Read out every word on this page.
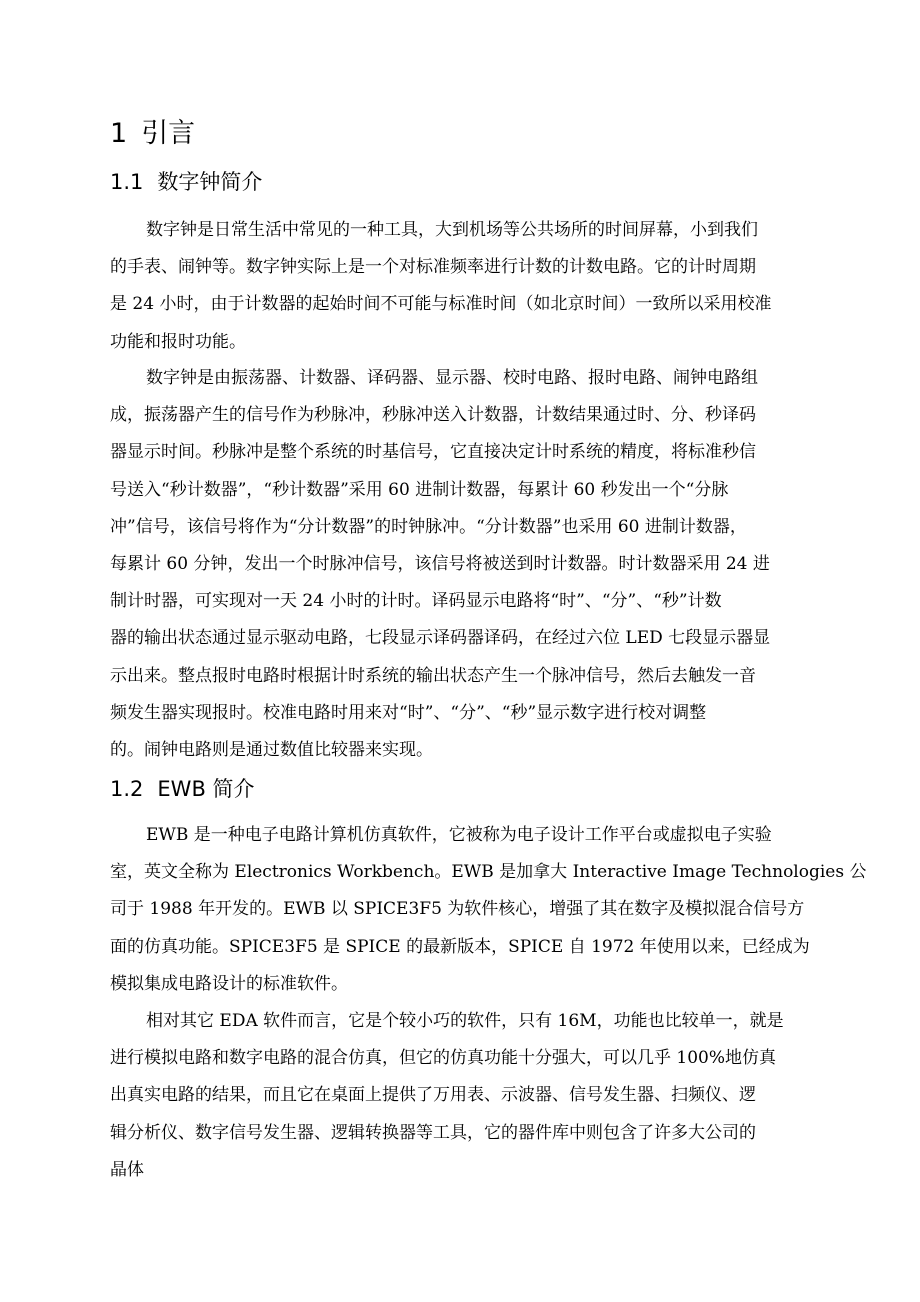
1 引言
1.1 数字钟简介

数字钟是日常生活中常见的一种工具，大到机场等公共场所的时间屏幕，小到我们
的手表、闹钟等。数字钟实际上是一个对标准频率进行计数的计数电路。它的计时周期
是 24 小时，由于计数器的起始时间不可能与标准时间（如北京时间）一致所以采用校准
功能和报时功能。

数字钟是由振荡器、计数器、译码器、显示器、校时电路、报时电路、闹钟电路组
成，振荡器产生的信号作为秒脉冲，秒脉冲送入计数器，计数结果通过时、分、秒译码
器显示时间。秒脉冲是整个系统的时基信号，它直接决定计时系统的精度，将标准秒信
号送入“秒计数器”，“秒计数器”采用 60 进制计数器，每累计 60 秒发出一个“分脉
冲”信号，该信号将作为“分计数器”的时钟脉冲。“分计数器”也采用 60 进制计数器，
每累计 60 分钟，发出一个时脉冲信号，该信号将被送到时计数器。时计数器采用 24 进
制计时器，可实现对一天 24 小时的计时。译码显示电路将“时”、“分”、“秒”计数
器的输出状态通过显示驱动电路，七段显示译码器译码，在经过六位 LED 七段显示器显
示出来。整点报时电路时根据计时系统的输出状态产生一个脉冲信号，然后去触发一音
频发生器实现报时。校准电路时用来对“时”、“分”、“秒”显示数字进行校对调整
的。闹钟电路则是通过数值比较器来实现。

1.2 EWB 简介

EWB 是一种电子电路计算机仿真软件，它被称为电子设计工作平台或虚拟电子实验
室，英文全称为 Electronics Workbench。EWB 是加拿大 Interactive Image Technologies 公
司于 1988 年开发的。EWB 以 SPICE3F5 为软件核心，增强了其在数字及模拟混合信号方
面的仿真功能。SPICE3F5 是 SPICE 的最新版本，SPICE 自 1972 年使用以来，已经成为
模拟集成电路设计的标准软件。

相对其它 EDA 软件而言，它是个较小巧的软件，只有 16M，功能也比较单一，就是
进行模拟电路和数字电路的混合仿真，但它的仿真功能十分强大，可以几乎 100%地仿真
出真实电路的结果，而且它在桌面上提供了万用表、示波器、信号发生器、扫频仪、逻
辑分析仪、数字信号发生器、逻辑转换器等工具，它的器件库中则包含了许多大公司的
晶体
